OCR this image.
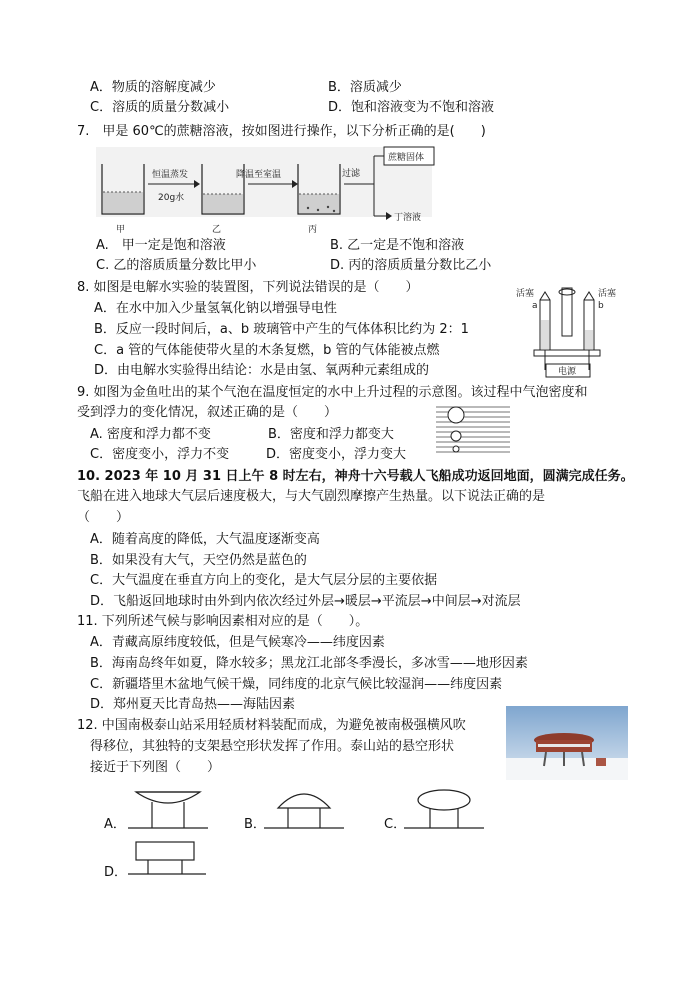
A．物质的溶解度减少	B．溶质减少
C．溶质的质量分数减小	D．饱和溶液变为不饱和溶液
7.　甲是 60℃的蔗糖溶液，按如图进行操作，以下分析正确的是(　　)
恒温蒸发
20g水
降温至室温	过滤
蔗糖固体
丁溶液
甲	乙	丙
A.　甲一定是饱和溶液	B. 乙一定是不饱和溶液
C. 乙的溶质质量分数比甲小	D. 丙的溶质质量分数比乙小
8. 如图是电解水实验的装置图，下列说法错误的是（　　）
A．在水中加入少量氢氧化钠以增强导电性
B．反应一段时间后，a、b 玻璃管中产生的气体体积比约为 2：1
C．a 管的气体能使带火星的木条复燃，b 管的气体能被点燃
D．由电解水实验得出结论：水是由氢、氧两种元素组成的
活塞	活塞
a	b
电源
9. 如图为金鱼吐出的某个气泡在温度恒定的水中上升过程的示意图。该过程中气泡密度和
受到浮力的变化情况，叙述正确的是（　　）
A. 密度和浮力都不变	B．密度和浮力都变大
C．密度变小，浮力不变	D．密度变小，浮力变大
10. 2023 年 10 月 31 日上午 8 时左右，神舟十六号载人飞船成功返回地面，圆满完成任务。
飞船在进入地球大气层后速度极大，与大气剧烈摩擦产生热量。以下说法正确的是
（　　）
A．随着高度的降低，大气温度逐渐变高
B．如果没有大气，天空仍然是蓝色的
C．大气温度在垂直方向上的变化，是大气层分层的主要依据
D．飞船返回地球时由外到内依次经过外层→暖层→平流层→中间层→对流层
11. 下列所述气候与影响因素相对应的是（　　）。
A．青藏高原纬度较低，但是气候寒冷——纬度因素
B．海南岛终年如夏，降水较多；黑龙江北部冬季漫长，多冰雪——地形因素
C．新疆塔里木盆地气候干燥，同纬度的北京气候比较湿润——纬度因素
D．郑州夏天比青岛热——海陆因素
12. 中国南极泰山站采用轻质材料装配而成，为避免被南极强横风吹
得移位，其独特的支架悬空形状发挥了作用。泰山站的悬空形状
接近于下列图（　　）
A．	B．	C．
D．
